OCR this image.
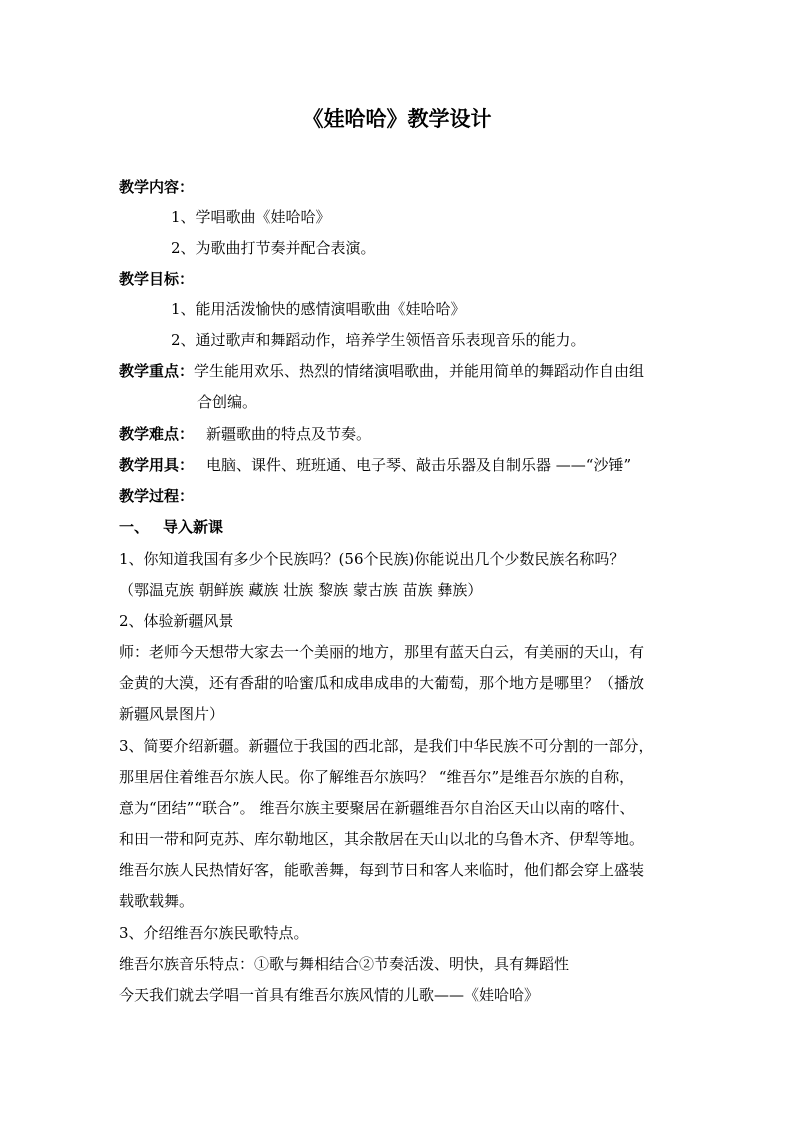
《娃哈哈》教学设计
教学内容：
1、学唱歌曲《娃哈哈》
2、为歌曲打节奏并配合表演。
教学目标：
1、能用活泼愉快的感情演唱歌曲《娃哈哈》
2、通过歌声和舞蹈动作，培养学生领悟音乐表现音乐的能力。
教学重点：学生能用欢乐、热烈的情绪演唱歌曲，并能用简单的舞蹈动作自由组
合创编。
教学难点： 新疆歌曲的特点及节奏。
教学用具： 电脑、课件、班班通、电子琴、敲击乐器及自制乐器 ——“沙锤”
教学过程：
一、 导入新课
1、你知道我国有多少个民族吗？(56个民族)你能说出几个少数民族名称吗？
（鄂温克族 朝鲜族 藏族 壮族 黎族 蒙古族 苗族 彝族）
2、体验新疆风景
师：老师今天想带大家去一个美丽的地方，那里有蓝天白云，有美丽的天山，有
金黄的大漠，还有香甜的哈蜜瓜和成串成串的大葡萄，那个地方是哪里？（播放
新疆风景图片）
3、简要介绍新疆。新疆位于我国的西北部，是我们中华民族不可分割的一部分，
那里居住着维吾尔族人民。你了解维吾尔族吗？ “维吾尔”是维吾尔族的自称，
意为“团结”“联合”。 维吾尔族主要聚居在新疆维吾尔自治区天山以南的喀什、
和田一带和阿克苏、库尔勒地区，其余散居在天山以北的乌鲁木齐、伊犁等地。
维吾尔族人民热情好客，能歌善舞，每到节日和客人来临时，他们都会穿上盛装
载歌载舞。
3、介绍维吾尔族民歌特点。
维吾尔族音乐特点：①歌与舞相结合②节奏活泼、明快，具有舞蹈性
今天我们就去学唱一首具有维吾尔族风情的儿歌——《娃哈哈》
